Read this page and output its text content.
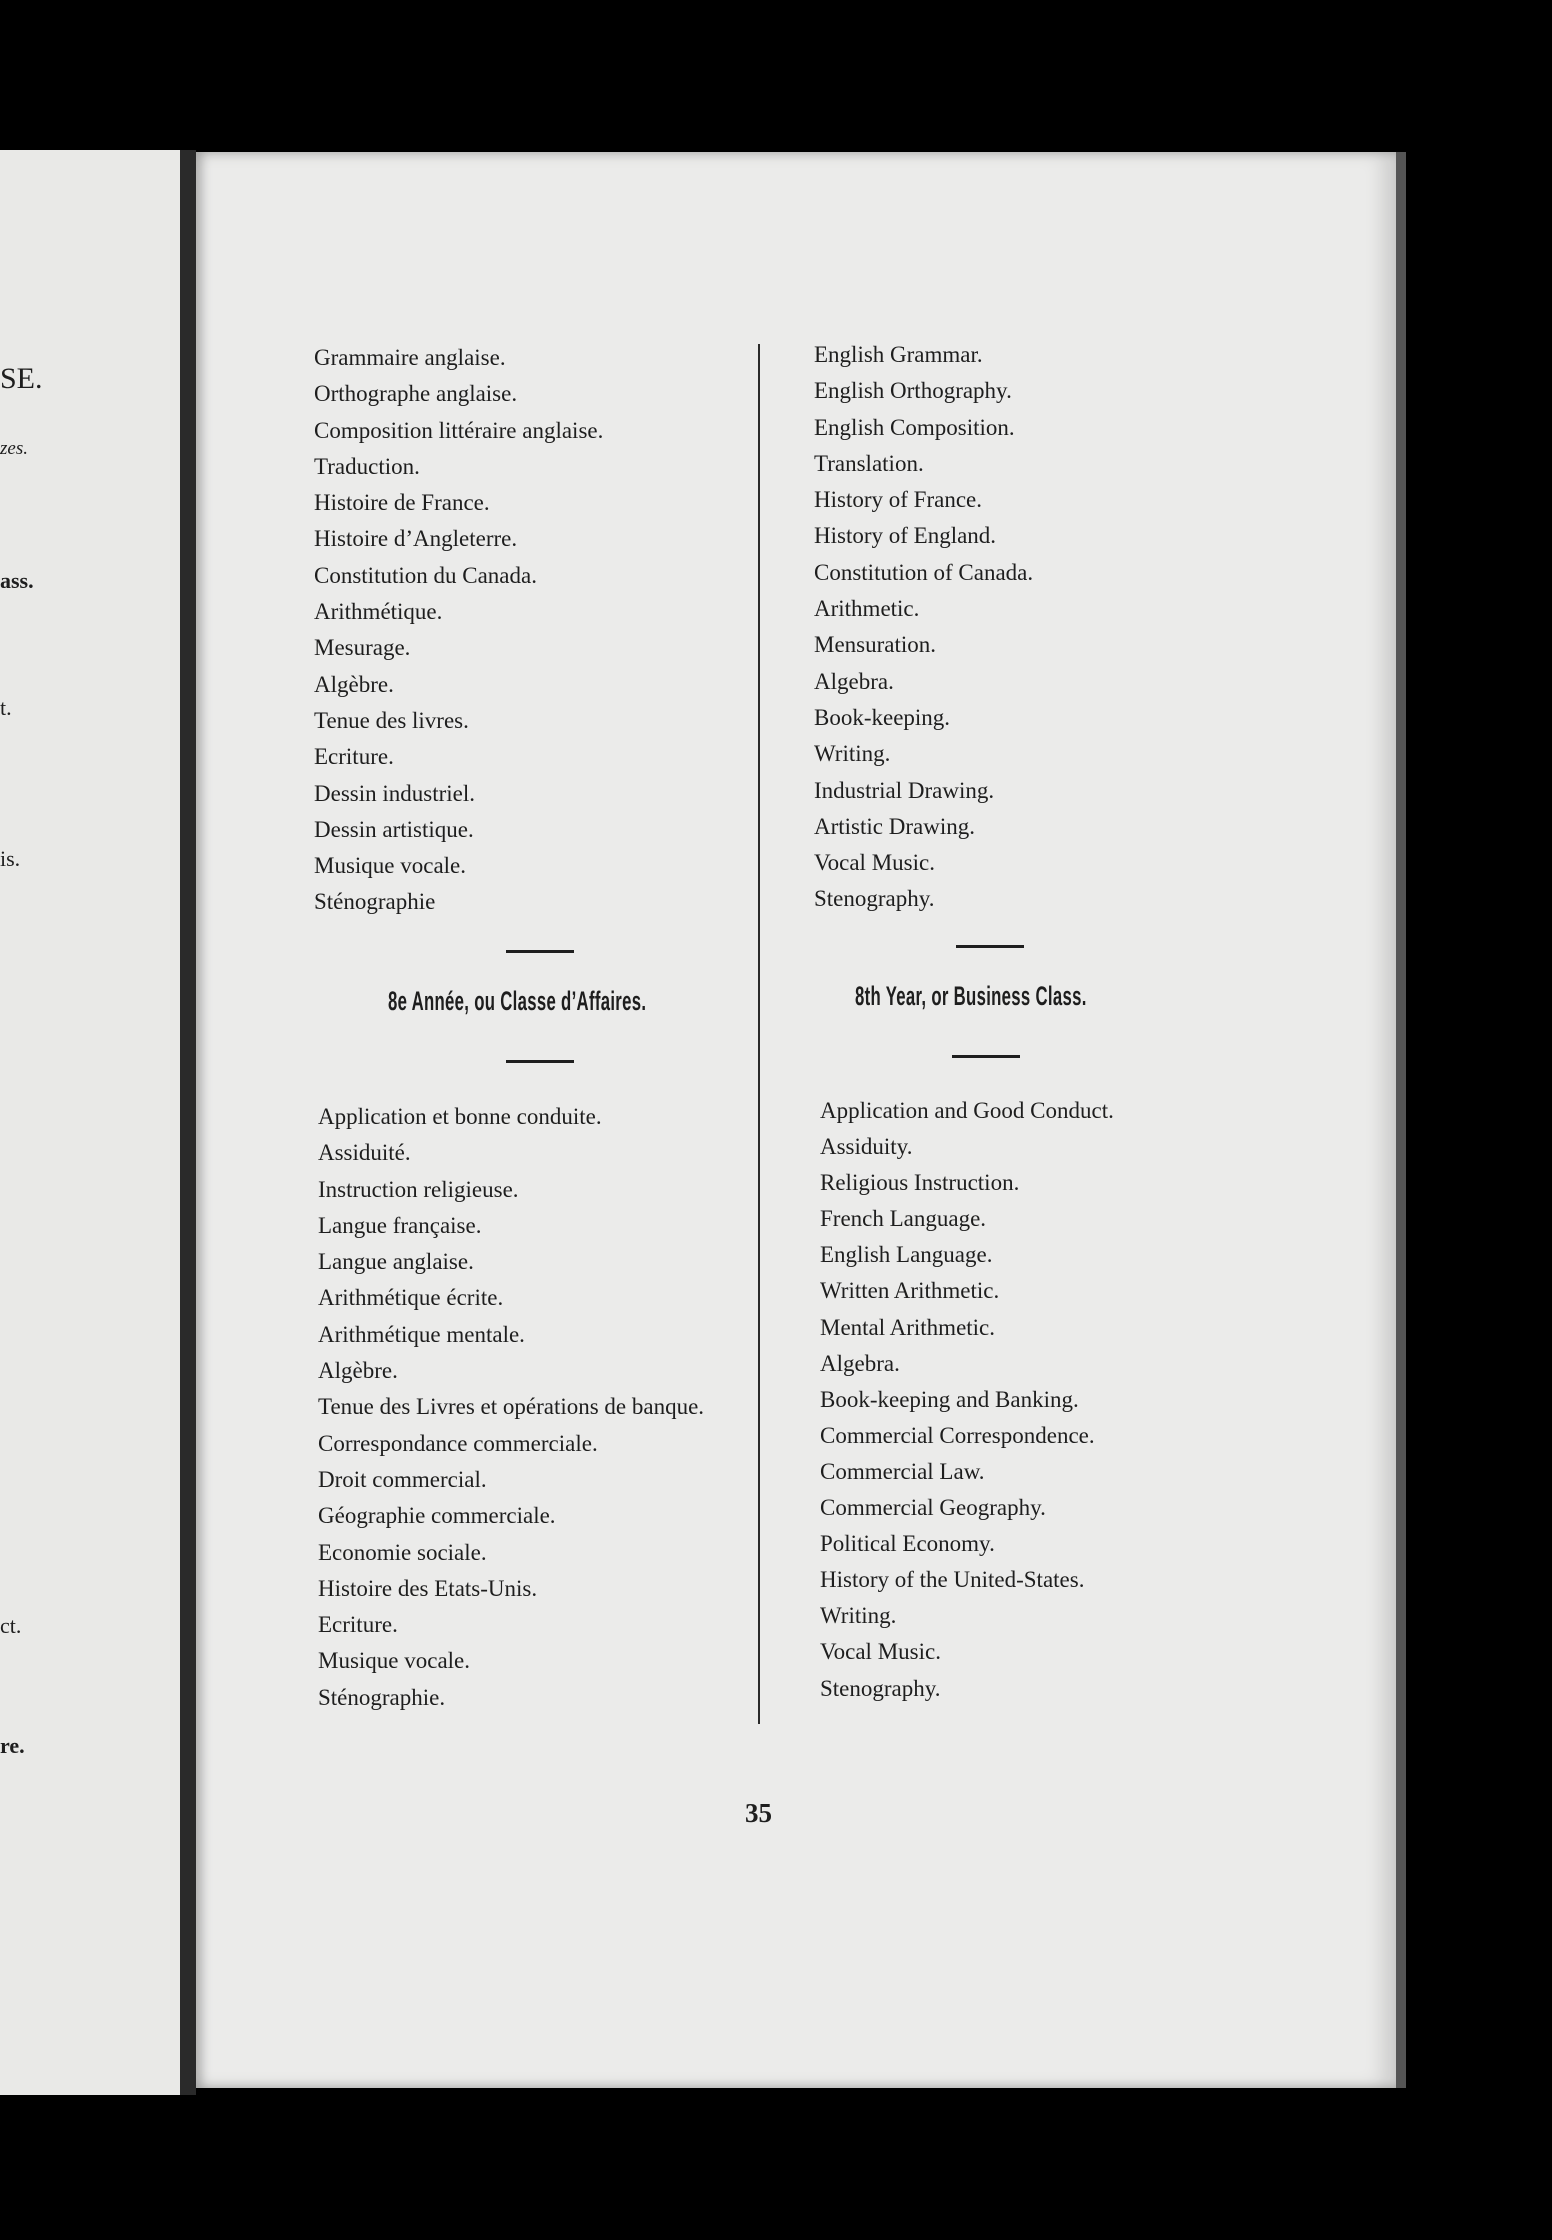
SE.
zes.
ass.
t.
is.
ct.
re.
Grammaire anglaise.
Orthographe anglaise.
Composition littéraire anglaise.
Traduction.
Histoire de France.
Histoire d’Angleterre.
Constitution du Canada.
Arithmétique.
Mesurage.
Algèbre.
Tenue des livres.
Ecriture.
Dessin industriel.
Dessin artistique.
Musique vocale.
Sténographie
English Grammar.
English Orthography.
English Composition.
Translation.
History of France.
History of England.
Constitution of Canada.
Arithmetic.
Mensuration.
Algebra.
Book-keeping.
Writing.
Industrial Drawing.
Artistic Drawing.
Vocal Music.
Stenography.
8e Année, ou Classe d’Affaires.	8th Year, or Business Class.
Application et bonne conduite.
Assiduité.
Instruction religieuse.
Langue française.
Langue anglaise.
Arithmétique écrite.
Arithmétique mentale.
Algèbre.
Tenue des Livres et opérations de banque.
Correspondance commerciale.
Droit commercial.
Géographie commerciale.
Economie sociale.
Histoire des Etats-Unis.
Ecriture.
Musique vocale.
Sténographie.
Application and Good Conduct.
Assiduity.
Religious Instruction.
French Language.
English Language.
Written Arithmetic.
Mental Arithmetic.
Algebra.
Book-keeping and Banking.
Commercial Correspondence.
Commercial Law.
Commercial Geography.
Political Economy.
History of the United-States.
Writing.
Vocal Music.
Stenography.
35
